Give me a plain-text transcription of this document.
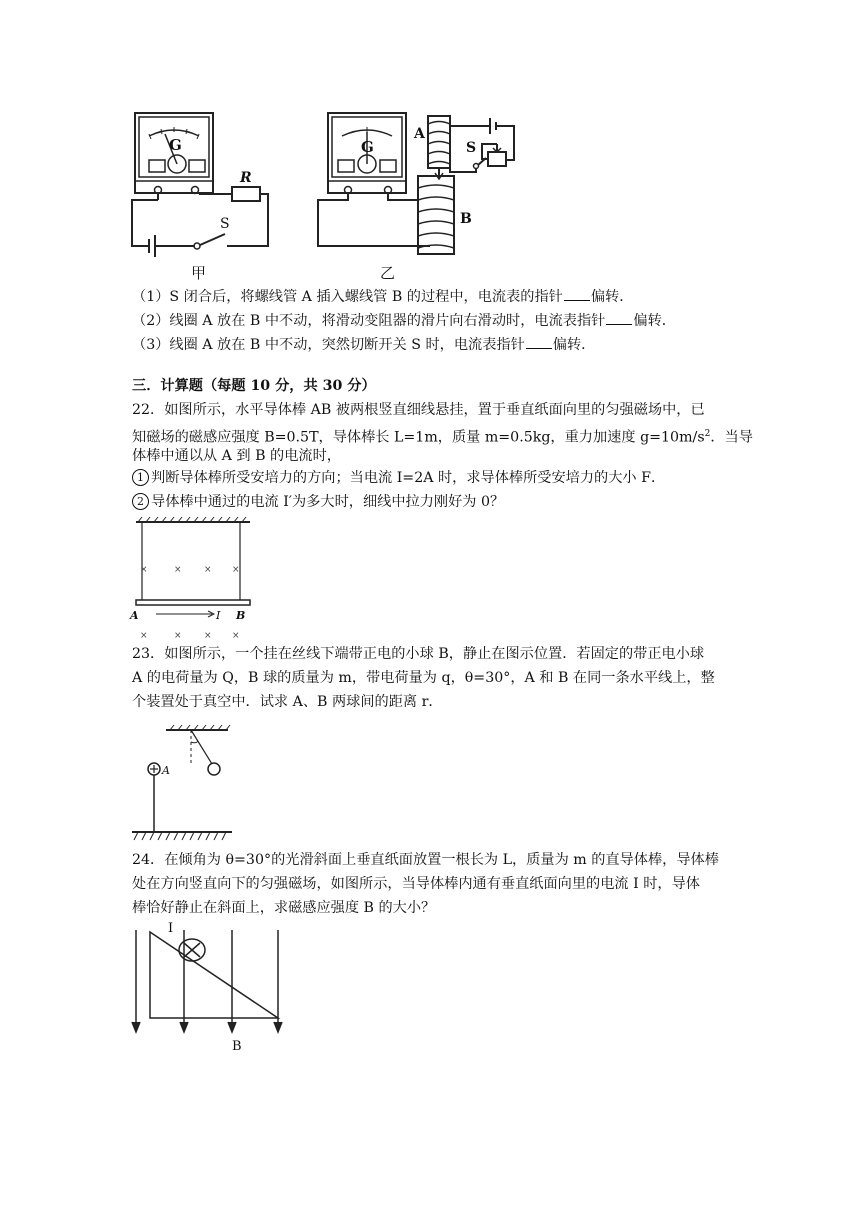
G
R
S
甲
G
A
B
S
乙
（1）S 闭合后，将螺线管 A 插入螺线管 B 的过程中，电流表的指针 偏转．
（2）线圈 A 放在 B 中不动，将滑动变阻器的滑片向右滑动时，电流表指针 偏转．
（3）线圈 A 放在 B 中不动，突然切断开关 S 时，电流表指针 偏转．
三．计算题（每题 10 分，共 30 分）
22．如图所示，水平导体棒 AB 被两根竖直细线悬挂，置于垂直纸面向里的匀强磁场中，已
知磁场的磁感应强度 B=0.5T，导体棒长 L=1m，质量 m=0.5kg，重力加速度 $g=10m/s^2$．当导
体棒中通以从 A 到 B 的电流时，
1 判断导体棒所受安培力的方向；当电流 I=2A 时，求导体棒所受安培力的大小 F．
2 导体棒中通过的电流 I′为多大时，细线中拉力刚好为 0？
×	× × ×
×	× × ×
A	B
I
23．如图所示，一个挂在丝线下端带正电的小球 B，静止在图示位置．若固定的带正电小球
A 的电荷量为 Q，B 球的质量为 m，带电荷量为 q，θ=30°，A 和 B 在同一条水平线上，整
个装置处于真空中．试求 A、B 两球间的距离 r．
A
24．在倾角为 θ=30°的光滑斜面上垂直纸面放置一根长为 L，质量为 m 的直导体棒，导体棒
处在方向竖直向下的匀强磁场，如图所示，当导体棒内通有垂直纸面向里的电流 I 时，导体
棒恰好静止在斜面上，求磁感应强度 B 的大小？
I
B
